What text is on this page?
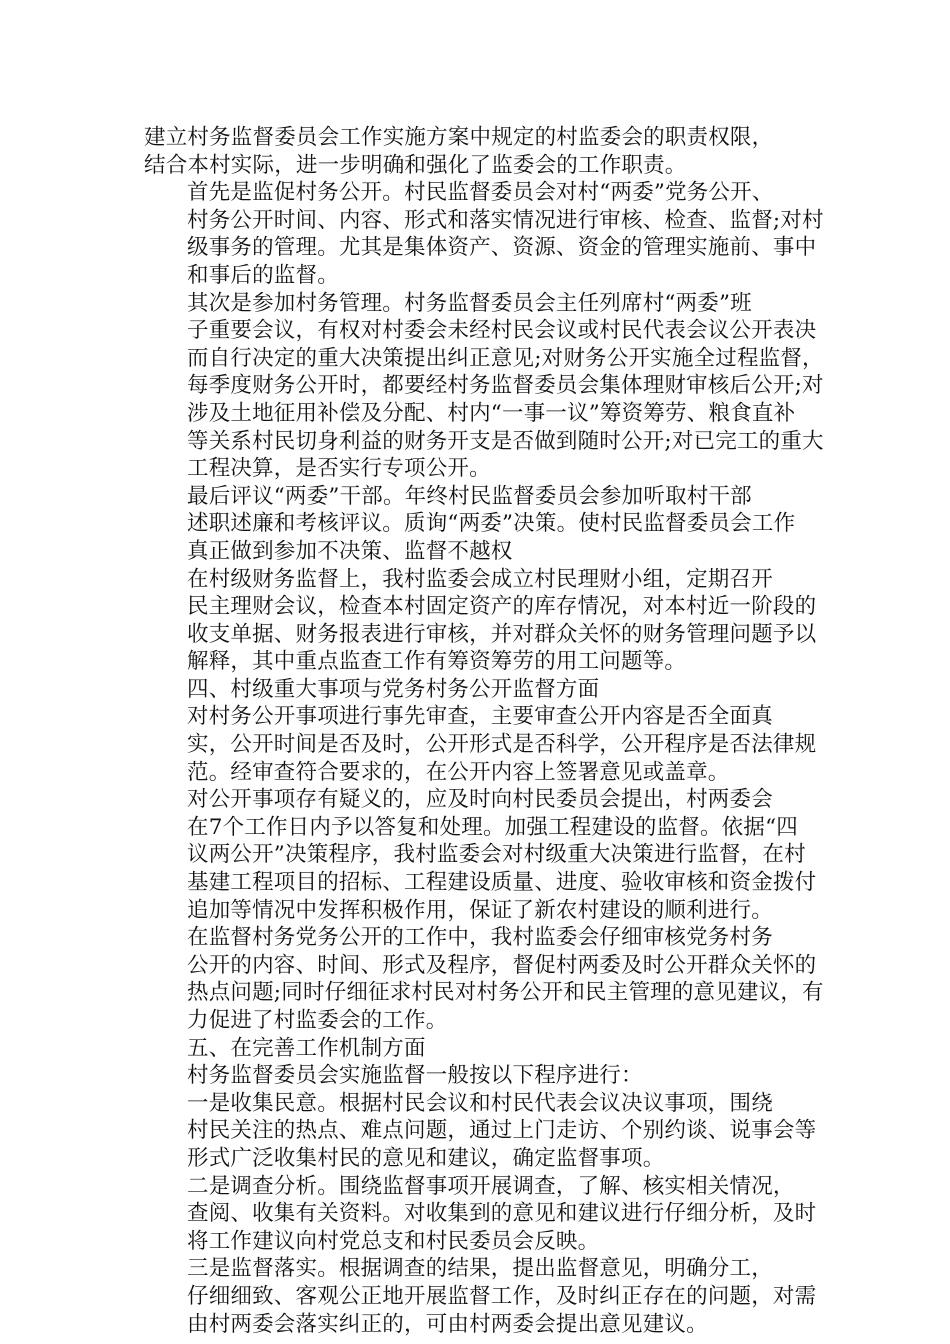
建立村务监督委员会工作实施方案中规定的村监委会的职责权限，
结合本村实际，进一步明确和强化了监委会的工作职责。
首先是监促村务公开。村民监督委员会对村“两委”党务公开、
村务公开时间、内容、形式和落实情况进行审核、检查、监督;对村
级事务的管理。尤其是集体资产、资源、资金的管理实施前、事中
和事后的监督。
其次是参加村务管理。村务监督委员会主任列席村“两委”班
子重要会议，有权对村委会未经村民会议或村民代表会议公开表决
而自行决定的重大决策提出纠正意见;对财务公开实施全过程监督，
每季度财务公开时，都要经村务监督委员会集体理财审核后公开;对
涉及土地征用补偿及分配、村内“一事一议”筹资筹劳、粮食直补
等关系村民切身利益的财务开支是否做到随时公开;对已完工的重大
工程决算，是否实行专项公开。
最后评议“两委”干部。年终村民监督委员会参加听取村干部
述职述廉和考核评议。质询“两委”决策。使村民监督委员会工作
真正做到参加不决策、监督不越权
在村级财务监督上，我村监委会成立村民理财小组，定期召开
民主理财会议，检查本村固定资产的库存情况，对本村近一阶段的
收支单据、财务报表进行审核，并对群众关怀的财务管理问题予以
解释，其中重点监查工作有筹资筹劳的用工问题等。
四、村级重大事项与党务村务公开监督方面
对村务公开事项进行事先审查，主要审查公开内容是否全面真
实，公开时间是否及时，公开形式是否科学，公开程序是否法律规
范。经审查符合要求的，在公开内容上签署意见或盖章。
对公开事项存有疑义的，应及时向村民委员会提出，村两委会
在7个工作日内予以答复和处理。加强工程建设的监督。依据“四
议两公开”决策程序，我村监委会对村级重大决策进行监督，在村
基建工程项目的招标、工程建设质量、进度、验收审核和资金拨付
追加等情况中发挥积极作用，保证了新农村建设的顺利进行。
在监督村务党务公开的工作中，我村监委会仔细审核党务村务
公开的内容、时间、形式及程序，督促村两委及时公开群众关怀的
热点问题;同时仔细征求村民对村务公开和民主管理的意见建议，有
力促进了村监委会的工作。
五、在完善工作机制方面
村务监督委员会实施监督一般按以下程序进行：
一是收集民意。根据村民会议和村民代表会议决议事项，围绕
村民关注的热点、难点问题，通过上门走访、个别约谈、说事会等
形式广泛收集村民的意见和建议，确定监督事项。
二是调查分析。围绕监督事项开展调查，了解、核实相关情况，
查阅、收集有关资料。对收集到的意见和建议进行仔细分析，及时
将工作建议向村党总支和村民委员会反映。
三是监督落实。根据调查的结果，提出监督意见，明确分工，
仔细细致、客观公正地开展监督工作，及时纠正存在的问题，对需
由村两委会落实纠正的，可由村两委会提出意见建议。
